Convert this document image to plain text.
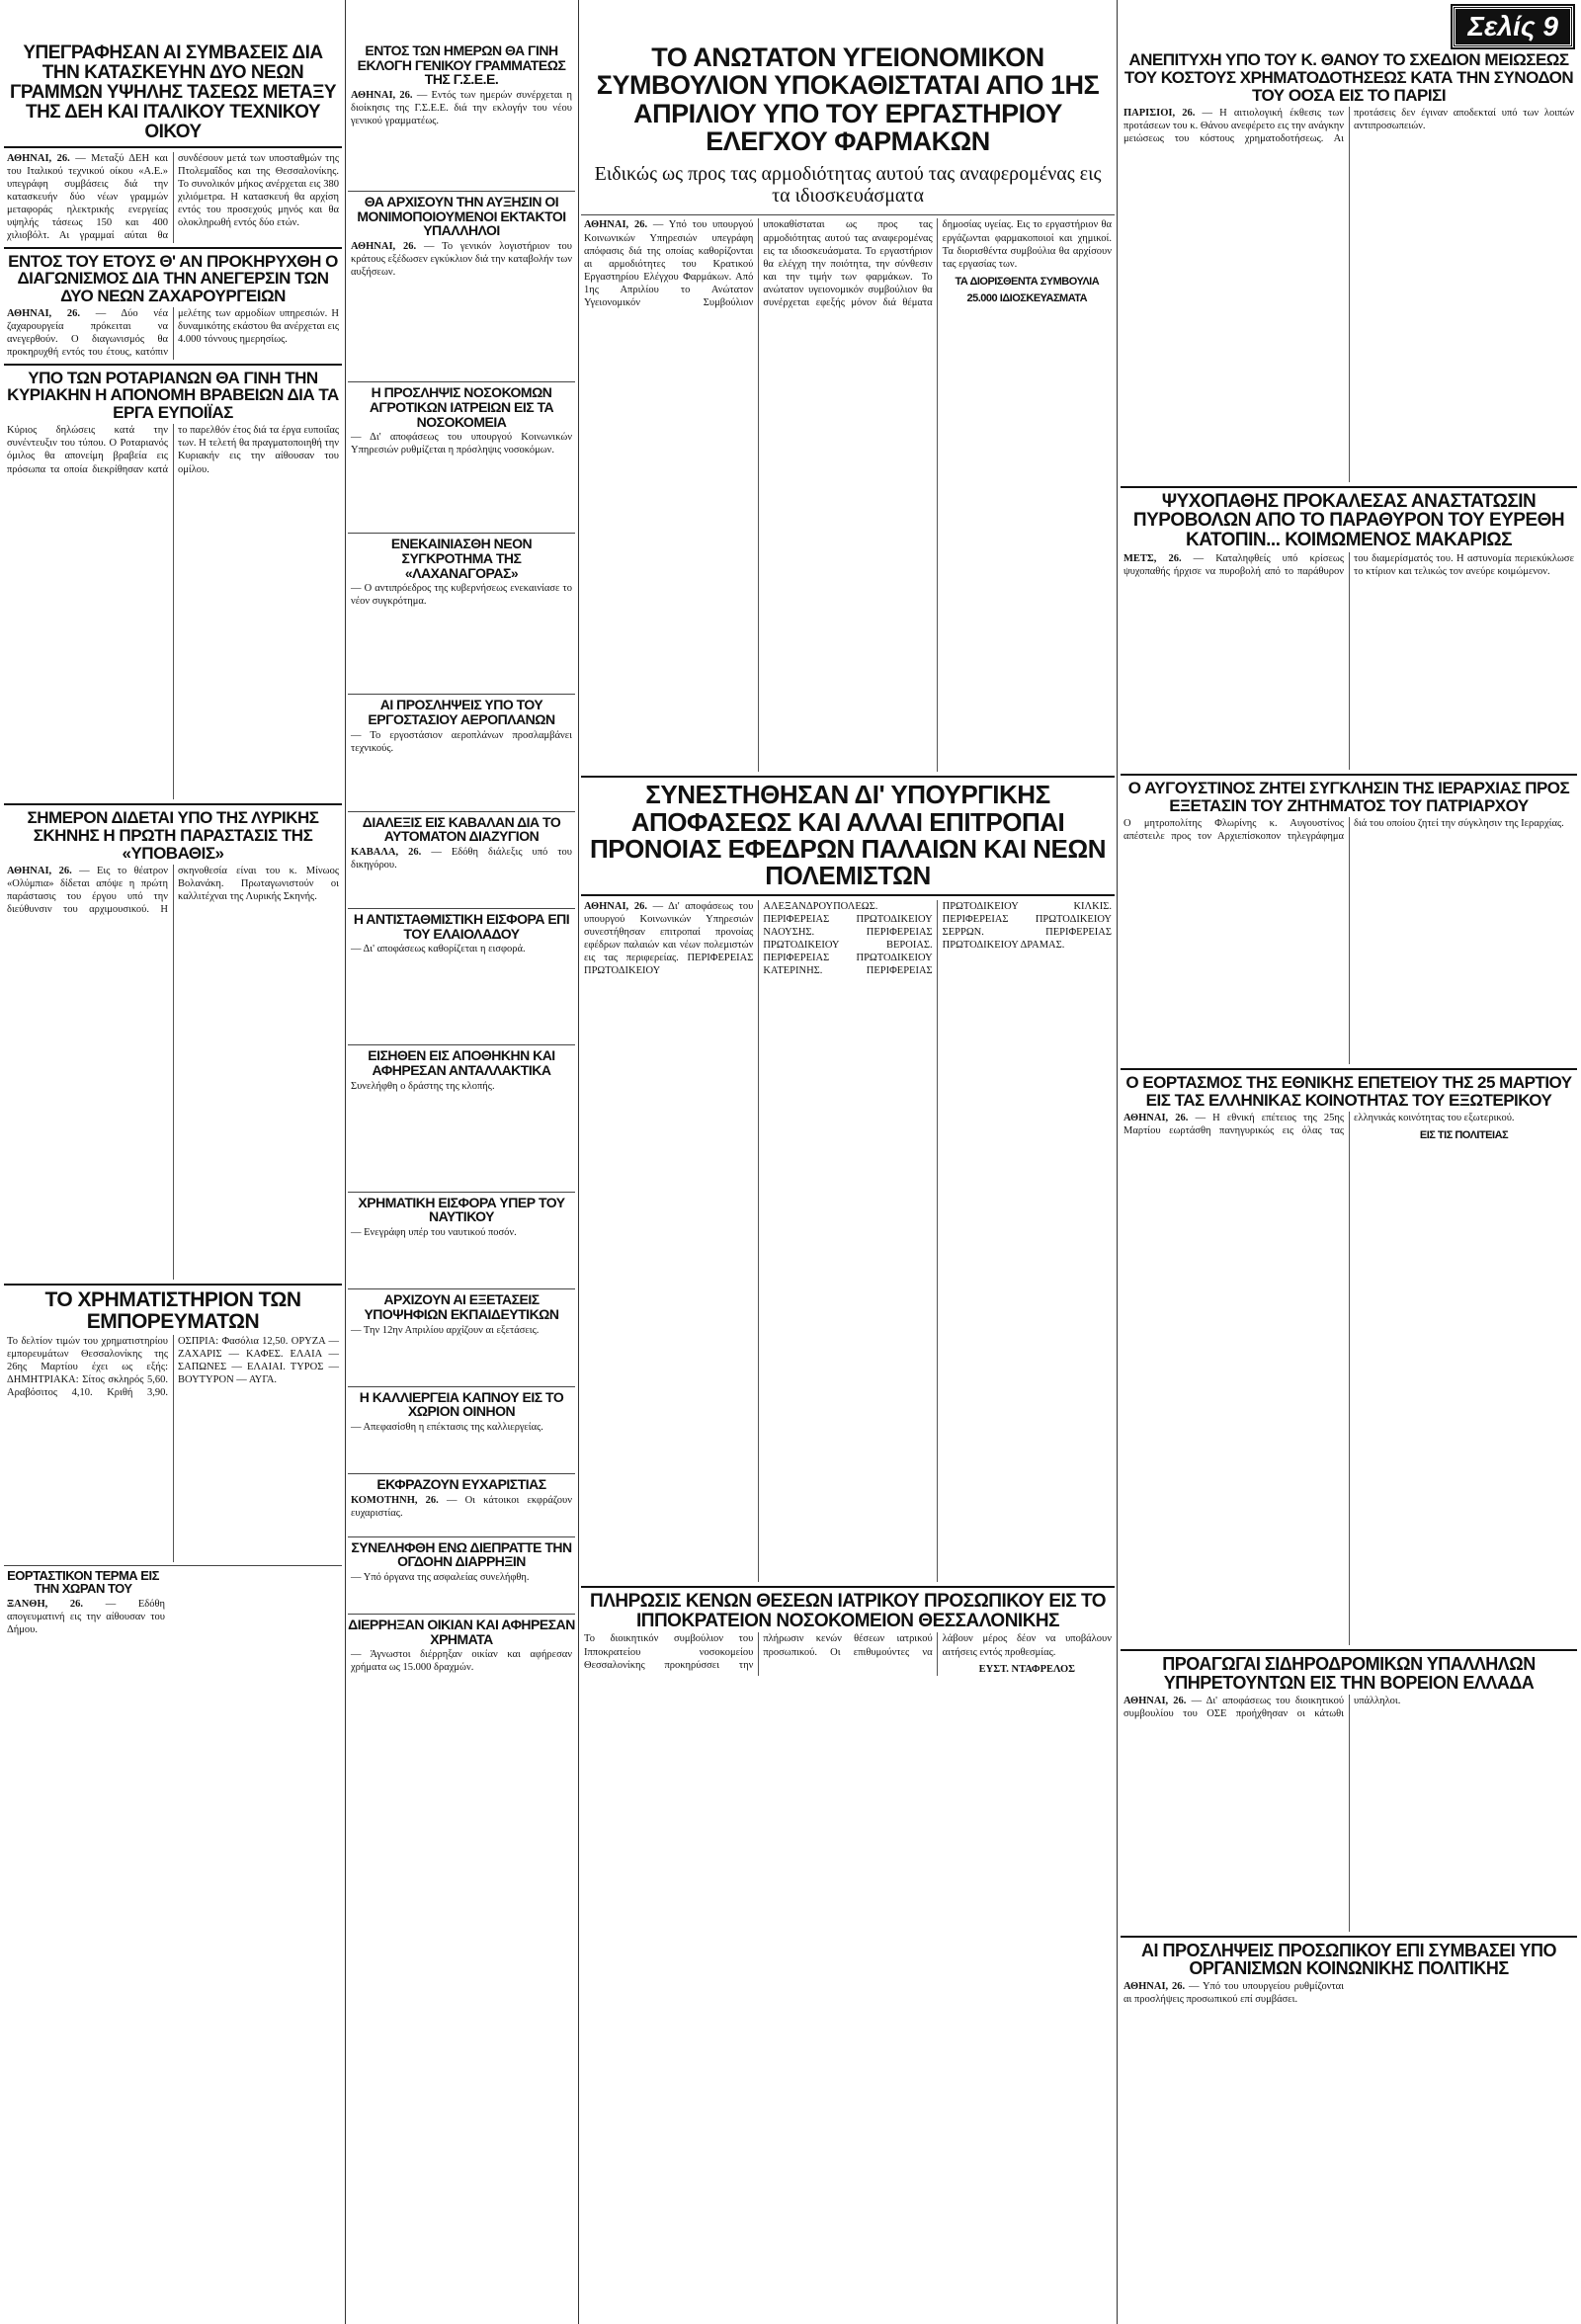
ΥΠΕΓΡΑΦΗΣΑΝ ΑΙ ΣΥΜΒΑΣΕΙΣ ΔΙΑ ΤΗΝ ΚΑΤΑΣΚΕΥΗΝ ΔΥΟ ΝΕΩΝ ΓΡΑΜΜΩΝ ΥΨΗΛΗΣ ΤΑΣΕΩΣ ΜΕΤΑΞΥ ΤΗΣ ΔΕΗ ΚΑΙ ΙΤΑΛΙΚΟΥ ΤΕΧΝΙΚΟΥ ΟΙΚΟΥ
ΑΘΗΝΑΙ, 26. — Μεταξύ ΔΕΗ και του Ιταλικού τεχνικού οίκου «Α.Ε.» υπεγράφη συμβάσεις διά την κατασκευήν δύο νέων γραμμών μεταφοράς ηλεκτρικής ενεργείας υψηλής τάσεως 150 και 400 χιλιοβόλτ. Αι γραμμαί αύται θα συνδέσουν μετά των υποσταθμών της Πτολεμαΐδος και της Θεσσαλονίκης. Το συνολικόν μήκος ανέρχεται εις 380 χιλιόμετρα. Η κατασκευή θα αρχίση εντός του προσεχούς μηνός και θα ολοκληρωθή εντός δύο ετών.
ΕΝΤΟΣ ΤΟΥ ΕΤΟΥΣ Θ' ΑΝ ΠΡΟΚΗΡΥΧΘΗ Ο ΔΙΑΓΩΝΙΣΜΟΣ ΔΙΑ ΤΗΝ ΑΝΕΓΕΡΣΙΝ ΤΩΝ ΔΥΟ ΝΕΩΝ ΖΑΧΑΡΟΥΡΓΕΙΩΝ
ΑΘΗΝΑΙ, 26. — Δύο νέα ζαχαρουργεία πρόκειται να ανεγερθούν. Ο διαγωνισμός θα προκηρυχθή εντός του έτους, κατόπιν μελέτης των αρμοδίων υπηρεσιών. Η δυναμικότης εκάστου θα ανέρχεται εις 4.000 τόννους ημερησίως.
ΥΠΟ ΤΩΝ ΡΟΤΑΡΙΑΝΩΝ ΘΑ ΓΙΝΗ ΤΗΝ ΚΥΡΙΑΚΗΝ Η ΑΠΟΝΟΜΗ ΒΡΑΒΕΙΩΝ ΔΙΑ ΤΑ ΕΡΓΑ ΕΥΠΟΙΪΑΣ
Κύριος δηλώσεις κατά την συνέντευξιν του τύπου. Ο Ροταριανός όμιλος θα απονείμη βραβεία εις πρόσωπα τα οποία διεκρίθησαν κατά το παρελθόν έτος διά τα έργα ευποιΐας των. Η τελετή θα πραγματοποιηθή την Κυριακήν εις την αίθουσαν του ομίλου.
ΣΗΜΕΡΟΝ ΔΙΔΕΤΑΙ ΥΠΟ ΤΗΣ ΛΥΡΙΚΗΣ ΣΚΗΝΗΣ Η ΠΡΩΤΗ ΠΑΡΑΣΤΑΣΙΣ ΤΗΣ «ΥΠΟΒΑΘΙΣ»
ΑΘΗΝΑΙ, 26. — Εις το θέατρον «Ολύμπια» δίδεται απόψε η πρώτη παράστασις του έργου υπό την διεύθυνσιν του αρχιμουσικού. Η σκηνοθεσία είναι του κ. Μίνωος Βολανάκη. Πρωταγωνιστούν οι καλλιτέχναι της Λυρικής Σκηνής.
ΤΟ ΧΡΗΜΑΤΙΣΤΗΡΙΟΝ ΤΩΝ ΕΜΠΟΡΕΥΜΑΤΩΝ
Το δελτίον τιμών του χρηματιστηρίου εμπορευμάτων Θεσσαλονίκης της 26ης Μαρτίου έχει ως εξής: ΔΗΜΗΤΡΙΑΚΑ: Σίτος σκληρός 5,60. Αραβόσιτος 4,10. Κριθή 3,90. ΟΣΠΡΙΑ: Φασόλια 12,50. ΟΡΥΖΑ — ΖΑΧΑΡΙΣ — ΚΑΦΕΣ. ΕΛΑΙΑ — ΣΑΠΩΝΕΣ — ΕΛΑΙΑΙ. ΤΥΡΟΣ — ΒΟΥΤΥΡΟΝ — ΑΥΓΑ.
ΕΟΡΤΑΣΤΙΚΟΝ ΤΕΡΜΑ ΕΙΣ ΤΗΝ ΧΩΡΑΝ ΤΟΥ
ΞΑΝΘΗ, 26. — Εδόθη απογευματινή εις την αίθουσαν του Δήμου.
ΕΝΤΟΣ ΤΩΝ ΗΜΕΡΩΝ ΘΑ ΓΙΝΗ ΕΚΛΟΓΗ ΓΕΝΙΚΟΥ ΓΡΑΜΜΑΤΕΩΣ ΤΗΣ Γ.Σ.Ε.Ε.
ΑΘΗΝΑΙ, 26. — Εντός των ημερών συνέρχεται η διοίκησις της Γ.Σ.Ε.Ε. διά την εκλογήν του νέου γενικού γραμματέως.
ΘΑ ΑΡΧΙΣΟΥΝ ΤΗΝ ΑΥΞΗΣΙΝ ΟΙ ΜΟΝΙΜΟΠΟΙΟΥΜΕΝΟΙ ΕΚΤΑΚΤΟΙ ΥΠΑΛΛΗΛΟΙ
ΑΘΗΝΑΙ, 26. — Το γενικόν λογιστήριον του κράτους εξέδωσεν εγκύκλιον διά την καταβολήν των αυξήσεων.
Η ΠΡΟΣΛΗΨΙΣ ΝΟΣΟΚΟΜΩΝ ΑΓΡΟΤΙΚΩΝ ΙΑΤΡΕΙΩΝ ΕΙΣ ΤΑ ΝΟΣΟΚΟΜΕΙΑ
— Δι' αποφάσεως του υπουργού Κοινωνικών Υπηρεσιών ρυθμίζεται η πρόσληψις νοσοκόμων.
ΕΝΕΚΑΙΝΙΑΣΘΗ ΝΕΟΝ ΣΥΓΚΡΟΤΗΜΑ ΤΗΣ «ΛΑΧΑΝΑΓΟΡΑΣ»
— Ο αντιπρόεδρος της κυβερνήσεως ενεκαινίασε το νέον συγκρότημα.
ΑΙ ΠΡΟΣΛΗΨΕΙΣ ΥΠΟ ΤΟΥ ΕΡΓΟΣΤΑΣΙΟΥ ΑΕΡΟΠΛΑΝΩΝ
— Το εργοστάσιον αεροπλάνων προσλαμβάνει τεχνικούς.
ΔΙΑΛΕΞΙΣ ΕΙΣ ΚΑΒΑΛΑΝ ΔΙΑ ΤΟ ΑΥΤΟΜΑΤΟΝ ΔΙΑΖΥΓΙΟΝ
ΚΑΒΑΛΑ, 26. — Εδόθη διάλεξις υπό του δικηγόρου.
Η ΑΝΤΙΣΤΑΘΜΙΣΤΙΚΗ ΕΙΣΦΟΡΑ ΕΠΙ ΤΟΥ ΕΛΑΙΟΛΑΔΟΥ
— Δι' αποφάσεως καθορίζεται η εισφορά.
ΕΙΣΗΘΕΝ ΕΙΣ ΑΠΟΘΗΚΗΝ ΚΑΙ ΑΦΗΡΕΣΑΝ ΑΝΤΑΛΛΑΚΤΙΚΑ
Συνελήφθη ο δράστης της κλοπής.
ΧΡΗΜΑΤΙΚΗ ΕΙΣΦΟΡΑ ΥΠΕΡ ΤΟΥ ΝΑΥΤΙΚΟΥ
— Ενεγράφη υπέρ του ναυτικού ποσόν.
ΑΡΧΙΖΟΥΝ ΑΙ ΕΞΕΤΑΣΕΙΣ ΥΠΟΨΗΦΙΩΝ ΕΚΠΑΙΔΕΥΤΙΚΩΝ
— Την 12ην Απριλίου αρχίζουν αι εξετάσεις.
Η ΚΑΛΛΙΕΡΓΕΙΑ ΚΑΠΝΟΥ ΕΙΣ ΤΟ ΧΩΡΙΟΝ ΟΙΝΗΟΝ
— Απεφασίσθη η επέκτασις της καλλιεργείας.
ΕΚΦΡΑΖΟΥΝ ΕΥΧΑΡΙΣΤΙΑΣ
ΚΟΜΟΤΗΝΗ, 26. — Οι κάτοικοι εκφράζουν ευχαριστίας.
ΣΥΝΕΛΗΦΘΗ ΕΝΩ ΔΙΕΠΡΑΤΤΕ ΤΗΝ ΟΓΔΟΗΝ ΔΙΑΡΡΗΞΙΝ
— Υπό όργανα της ασφαλείας συνελήφθη.
ΔΙΕΡΡΗΞΑΝ ΟΙΚΙΑΝ ΚΑΙ ΑΦΗΡΕΣΑΝ ΧΡΗΜΑΤΑ
— Άγνωστοι διέρρηξαν οικίαν και αφήρεσαν χρήματα ως 15.000 δραχμών.
ΤΟ ΑΝΩΤΑΤΟΝ ΥΓΕΙΟΝΟΜΙΚΟΝ ΣΥΜΒΟΥΛΙΟΝ ΥΠΟΚΑΘΙΣΤΑΤΑΙ ΑΠΟ 1ΗΣ ΑΠΡΙΛΙΟΥ ΥΠΟ ΤΟΥ ΕΡΓΑΣΤΗΡΙΟΥ ΕΛΕΓΧΟΥ ΦΑΡΜΑΚΩΝ
Ειδικώς ως προς τας αρμοδιότητας αυτού τας αναφερομένας εις τα ιδιοσκευάσματα
ΑΘΗΝΑΙ, 26. — Υπό του υπουργού Κοινωνικών Υπηρεσιών υπεγράφη απόφασις διά της οποίας καθορίζονται αι αρμοδιότητες του Κρατικού Εργαστηρίου Ελέγχου Φαρμάκων. Από 1ης Απριλίου το Ανώτατον Υγειονομικόν Συμβούλιον υποκαθίσταται ως προς τας αρμοδιότητας αυτού τας αναφερομένας εις τα ιδιοσκευάσματα. Το εργαστήριον θα ελέγχη την ποιότητα, την σύνθεσιν και την τιμήν των φαρμάκων. Το ανώτατον υγειονομικόν συμβούλιον θα συνέρχεται εφεξής μόνον διά θέματα δημοσίας υγείας. Εις το εργαστήριον θα εργάζωνται φαρμακοποιοί και χημικοί. Τα διορισθέντα συμβούλια θα αρχίσουν τας εργασίας των.
ΤΑ ΔΙΟΡΙΣΘΕΝΤΑ ΣΥΜΒΟΥΛΙΑ
25.000 ΙΔΙΟΣΚΕΥΑΣΜΑΤΑ
ΣΥΝΕΣΤΗΘΗΣΑΝ ΔΙ' ΥΠΟΥΡΓΙΚΗΣ ΑΠΟΦΑΣΕΩΣ ΚΑΙ ΑΛΛΑΙ ΕΠΙΤΡΟΠΑΙ ΠΡΟΝΟΙΑΣ ΕΦΕΔΡΩΝ ΠΑΛΑΙΩΝ ΚΑΙ ΝΕΩΝ ΠΟΛΕΜΙΣΤΩΝ
ΑΘΗΝΑΙ, 26. — Δι' αποφάσεως του υπουργού Κοινωνικών Υπηρεσιών συνεστήθησαν επιτροπαί προνοίας εφέδρων παλαιών και νέων πολεμιστών εις τας περιφερείας. ΠΕΡΙΦΕΡΕΙΑΣ ΠΡΩΤΟΔΙΚΕΙΟΥ ΑΛΕΞΑΝΔΡΟΥΠΟΛΕΩΣ. ΠΕΡΙΦΕΡΕΙΑΣ ΠΡΩΤΟΔΙΚΕΙΟΥ ΝΑΟΥΣΗΣ. ΠΕΡΙΦΕΡΕΙΑΣ ΠΡΩΤΟΔΙΚΕΙΟΥ ΒΕΡΟΙΑΣ. ΠΕΡΙΦΕΡΕΙΑΣ ΠΡΩΤΟΔΙΚΕΙΟΥ ΚΑΤΕΡΙΝΗΣ. ΠΕΡΙΦΕΡΕΙΑΣ ΠΡΩΤΟΔΙΚΕΙΟΥ ΚΙΛΚΙΣ. ΠΕΡΙΦΕΡΕΙΑΣ ΠΡΩΤΟΔΙΚΕΙΟΥ ΣΕΡΡΩΝ. ΠΕΡΙΦΕΡΕΙΑΣ ΠΡΩΤΟΔΙΚΕΙΟΥ ΔΡΑΜΑΣ.
ΠΛΗΡΩΣΙΣ ΚΕΝΩΝ ΘΕΣΕΩΝ ΙΑΤΡΙΚΟΥ ΠΡΟΣΩΠΙΚΟΥ ΕΙΣ ΤΟ ΙΠΠΟΚΡΑΤΕΙΟΝ ΝΟΣΟΚΟΜΕΙΟΝ ΘΕΣΣΑΛΟΝΙΚΗΣ
Το διοικητικόν συμβούλιον του Ιπποκρατείου νοσοκομείου Θεσσαλονίκης προκηρύσσει την πλήρωσιν κενών θέσεων ιατρικού προσωπικού. Οι επιθυμούντες να λάβουν μέρος δέον να υποβάλουν αιτήσεις εντός προθεσμίας.
ΕΥΣΤ. ΝΤΑΦΡΕΛΟΣ
Σελίς 9
ΑΝΕΠΙΤΥΧΗ ΥΠΟ ΤΟΥ Κ. ΘΑΝΟΥ ΤΟ ΣΧΕΔΙΟΝ ΜΕΙΩΣΕΩΣ ΤΟΥ ΚΟΣΤΟΥΣ ΧΡΗΜΑΤΟΔΟΤΗΣΕΩΣ ΚΑΤΑ ΤΗΝ ΣΥΝΟΔΟΝ ΤΟΥ ΟΟΣΑ ΕΙΣ ΤΟ ΠΑΡΙΣΙ
ΠΑΡΙΣΙΟΙ, 26. — Η αιτιολογική έκθεσις των προτάσεων του κ. Θάνου ανεφέρετο εις την ανάγκην μειώσεως του κόστους χρηματοδοτήσεως. Αι προτάσεις δεν έγιναν αποδεκταί υπό των λοιπών αντιπροσωπειών.
ΨΥΧΟΠΑΘΗΣ ΠΡΟΚΑΛΕΣΑΣ ΑΝΑΣΤΑΤΩΣΙΝ ΠΥΡΟΒΟΛΩΝ ΑΠΟ ΤΟ ΠΑΡΑΘΥΡΟΝ ΤΟΥ ΕΥΡΕΘΗ ΚΑΤΟΠΙΝ... ΚΟΙΜΩΜΕΝΟΣ ΜΑΚΑΡΙΩΣ
ΜΕΤΣ, 26. — Καταληφθείς υπό κρίσεως ψυχοπαθής ήρχισε να πυροβολή από το παράθυρον του διαμερίσματός του. Η αστυνομία περιεκύκλωσε το κτίριον και τελικώς τον ανεύρε κοιμώμενον.
Ο ΑΥΓΟΥΣΤΙΝΟΣ ΖΗΤΕΙ ΣΥΓΚΛΗΣΙΝ ΤΗΣ ΙΕΡΑΡΧΙΑΣ ΠΡΟΣ ΕΞΕΤΑΣΙΝ ΤΟΥ ΖΗΤΗΜΑΤΟΣ ΤΟΥ ΠΑΤΡΙΑΡΧΟΥ
Ο μητροπολίτης Φλωρίνης κ. Αυγουστίνος απέστειλε προς τον Αρχιεπίσκοπον τηλεγράφημα διά του οποίου ζητεί την σύγκλησιν της Ιεραρχίας.
Ο ΕΟΡΤΑΣΜΟΣ ΤΗΣ ΕΘΝΙΚΗΣ ΕΠΕΤΕΙΟΥ ΤΗΣ 25 ΜΑΡΤΙΟΥ ΕΙΣ ΤΑΣ ΕΛΛΗΝΙΚΑΣ ΚΟΙΝΟΤΗΤΑΣ ΤΟΥ ΕΞΩΤΕΡΙΚΟΥ
ΑΘΗΝΑΙ, 26. — Η εθνική επέτειος της 25ης Μαρτίου εωρτάσθη πανηγυρικώς εις όλας τας ελληνικάς κοινότητας του εξωτερικού.
ΕΙΣ ΤΙΣ ΠΟΛΙΤΕΙΑΣ
ΠΡΟΑΓΩΓΑΙ ΣΙΔΗΡΟΔΡΟΜΙΚΩΝ ΥΠΑΛΛΗΛΩΝ ΥΠΗΡΕΤΟΥΝΤΩΝ ΕΙΣ ΤΗΝ ΒΟΡΕΙΟΝ ΕΛΛΑΔΑ
ΑΘΗΝΑΙ, 26. — Δι' αποφάσεως του διοικητικού συμβουλίου του ΟΣΕ προήχθησαν οι κάτωθι υπάλληλοι.
ΑΙ ΠΡΟΣΛΗΨΕΙΣ ΠΡΟΣΩΠΙΚΟΥ ΕΠΙ ΣΥΜΒΑΣΕΙ ΥΠΟ ΟΡΓΑΝΙΣΜΩΝ ΚΟΙΝΩΝΙΚΗΣ ΠΟΛΙΤΙΚΗΣ
ΑΘΗΝΑΙ, 26. — Υπό του υπουργείου ρυθμίζονται αι προσλήψεις προσωπικού επί συμβάσει.
